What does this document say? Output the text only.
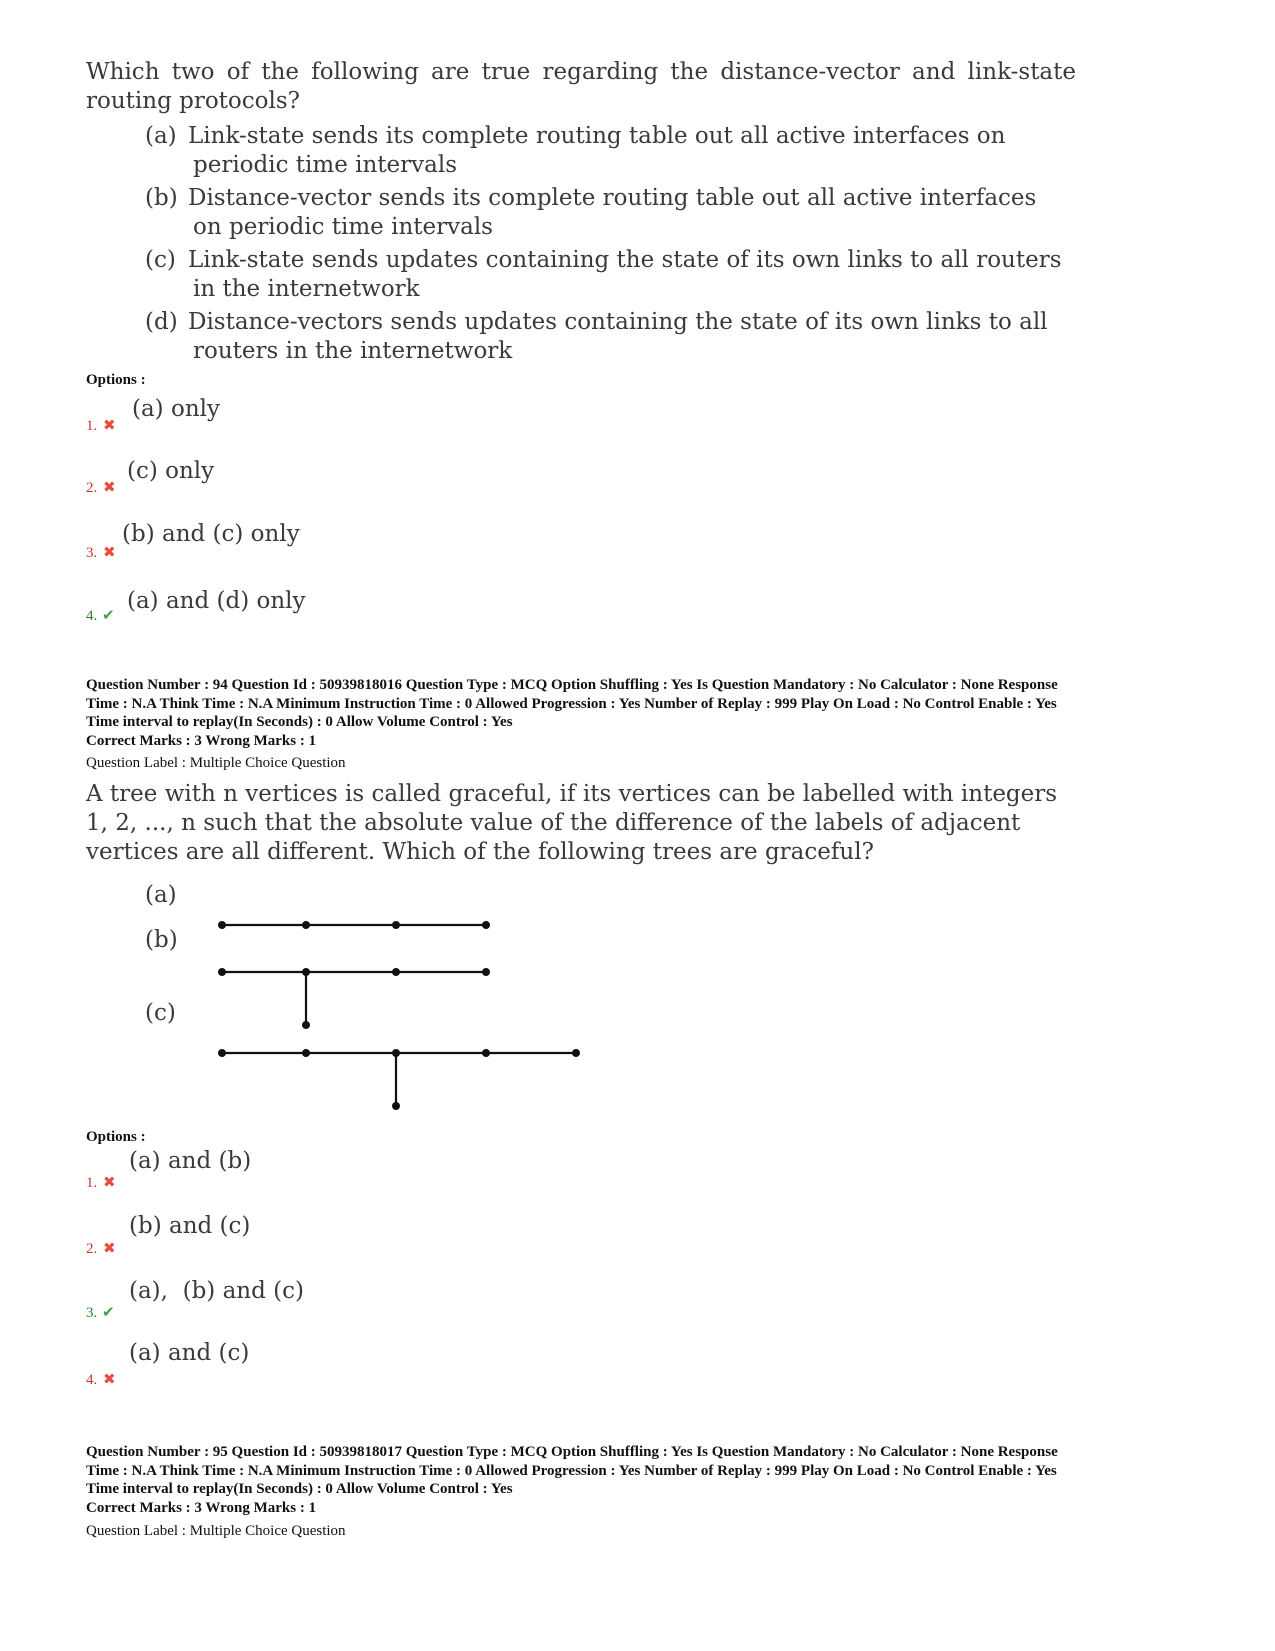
Which two of the following are true regarding the distance-vector and link-state routing protocols?

(a) Link-state sends its complete routing table out all active interfaces on
periodic time intervals
(b) Distance-vector sends its complete routing table out all active interfaces
on periodic time intervals
(c) Link-state sends updates containing the state of its own links to all routers
in the internetwork
(d) Distance-vectors sends updates containing the state of its own links to all
routers in the internetwork
Options :
1. ✖
(a) only
2. ✖
(c) only
3. ✖
(b) and (c) only
4. ✔
(a) and (d) only
Question Number : 94 Question Id : 50939818016 Question Type : MCQ Option Shuffling : Yes Is Question Mandatory : No Calculator : None Response
Time : N.A Think Time : N.A Minimum Instruction Time : 0 Allowed Progression : Yes Number of Replay : 999 Play On Load : No Control Enable : Yes
Time interval to replay(In Seconds) : 0 Allow Volume Control : Yes
Correct Marks : 3 Wrong Marks : 1
Question Label : Multiple Choice Question
A tree with n vertices is called graceful, if its vertices can be labelled with integers
1, 2, ..., n such that the absolute value of the difference of the labels of adjacent
vertices are all different. Which of the following trees are graceful?
(a)
(b)
(c)
Options :
1. ✖
(a) and (b)
2. ✖
(b) and (c)
3. ✔
(a),  (b) and (c)
4. ✖
(a) and (c)
Question Number : 95 Question Id : 50939818017 Question Type : MCQ Option Shuffling : Yes Is Question Mandatory : No Calculator : None Response
Time : N.A Think Time : N.A Minimum Instruction Time : 0 Allowed Progression : Yes Number of Replay : 999 Play On Load : No Control Enable : Yes
Time interval to replay(In Seconds) : 0 Allow Volume Control : Yes
Correct Marks : 3 Wrong Marks : 1
Question Label : Multiple Choice Question
